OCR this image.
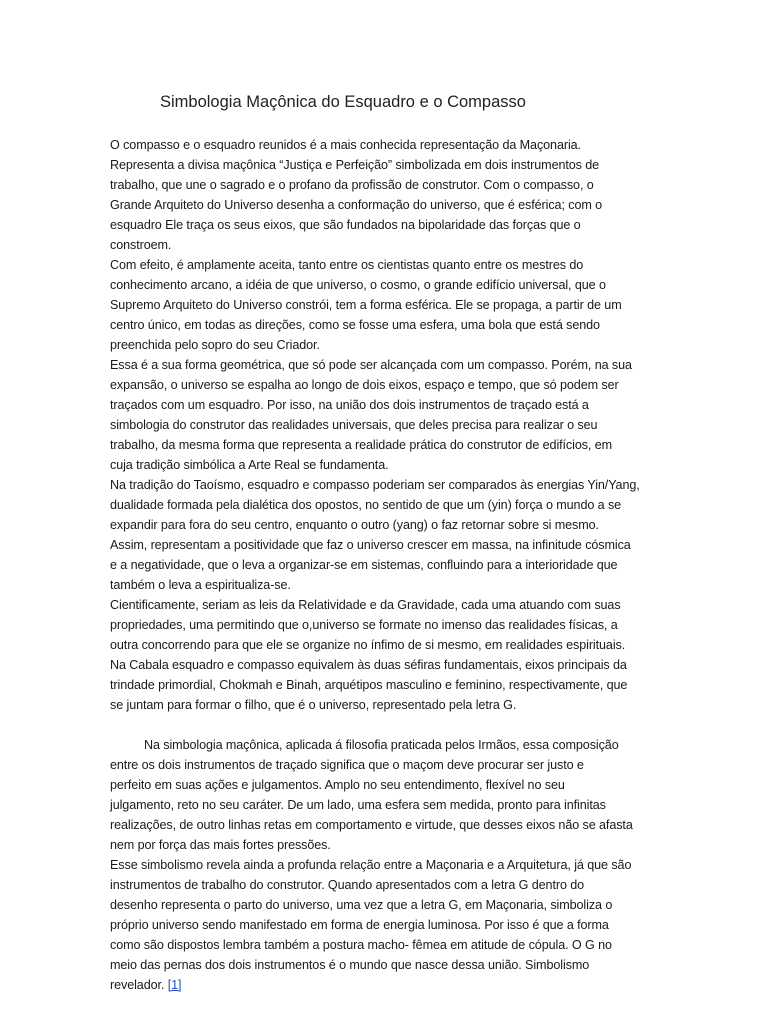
Simbologia Maçônica do Esquadro e o Compasso
O compasso e o esquadro reunidos é a mais conhecida representação da Maçonaria.
Representa a divisa maçônica “Justiça e Perfeição” simbolizada em dois instrumentos de
trabalho, que une o sagrado e o profano da profissão de construtor. Com o compasso, o
Grande Arquiteto do Universo desenha a conformação do universo, que é esférica; com o
esquadro Ele traça os seus eixos, que são fundados na bipolaridade das forças que o
constroem.
Com efeito, é amplamente aceita, tanto entre os cientistas quanto entre os mestres do
conhecimento arcano, a idéia de que universo, o cosmo, o grande edifício universal, que o
Supremo Arquiteto do Universo constrói, tem a forma esférica. Ele se propaga, a partir de um
centro único, em todas as direções, como se fosse uma esfera, uma bola que está sendo
preenchida pelo sopro do seu Criador.
Essa é a sua forma geométrica, que só pode ser alcançada com um compasso. Porém, na sua
expansão, o universo se espalha ao longo de dois eixos, espaço e tempo, que só podem ser
traçados com um esquadro. Por isso, na união dos dois instrumentos de traçado está a
simbologia do construtor das realidades universais, que deles precisa para realizar o seu
trabalho, da mesma forma que representa a realidade prática do construtor de edifícios, em
cuja tradição simbólica a Arte Real se fundamenta.
Na tradição do Taoísmo, esquadro e compasso poderiam ser comparados às energias Yin/Yang,
dualidade formada pela dialética dos opostos, no sentido de que um (yin) força o mundo a se
expandir para fora do seu centro, enquanto o outro (yang) o faz retornar sobre si mesmo.
Assim, representam a positividade que faz o universo crescer em massa, na infinitude cósmica
e a negatividade, que o leva a organizar-se em sistemas, confluindo para a interioridade que
também o leva a espiritualiza-se.
Cientificamente, seriam as leis da Relatividade e da Gravidade, cada uma atuando com suas
propriedades, uma permitindo que o,universo se formate no imenso das realidades físicas, a
outra concorrendo para que ele se organize no ínfimo de si mesmo, em realidades espirituais.
Na Cabala esquadro e compasso equivalem às duas séfiras fundamentais, eixos principais da
trindade primordial, Chokmah e Binah, arquétipos masculino e feminino, respectivamente, que
se juntam para formar o filho, que é o universo, representado pela letra G.
Na simbologia maçônica, aplicada á filosofia praticada pelos Irmãos, essa composição
entre os dois instrumentos de traçado significa que o maçom deve procurar ser justo e
perfeito em suas ações e julgamentos. Amplo no seu entendimento, flexível no seu
julgamento, reto no seu caráter. De um lado, uma esfera sem medida, pronto para infinitas
realizações, de outro linhas retas em comportamento e virtude, que desses eixos não se afasta
nem por força das mais fortes pressões.
Esse simbolismo revela ainda a profunda relação entre a Maçonaria e a Arquitetura, já que são
instrumentos de trabalho do construtor. Quando apresentados com a letra G dentro do
desenho representa o parto do universo, uma vez que a letra G, em Maçonaria, simboliza o
próprio universo sendo manifestado em forma de energia luminosa. Por isso é que a forma
como são dispostos lembra também a postura macho- fêmea em atitude de cópula. O G no
meio das pernas dos dois instrumentos é o mundo que nasce dessa união. Simbolismo
revelador. [1]
